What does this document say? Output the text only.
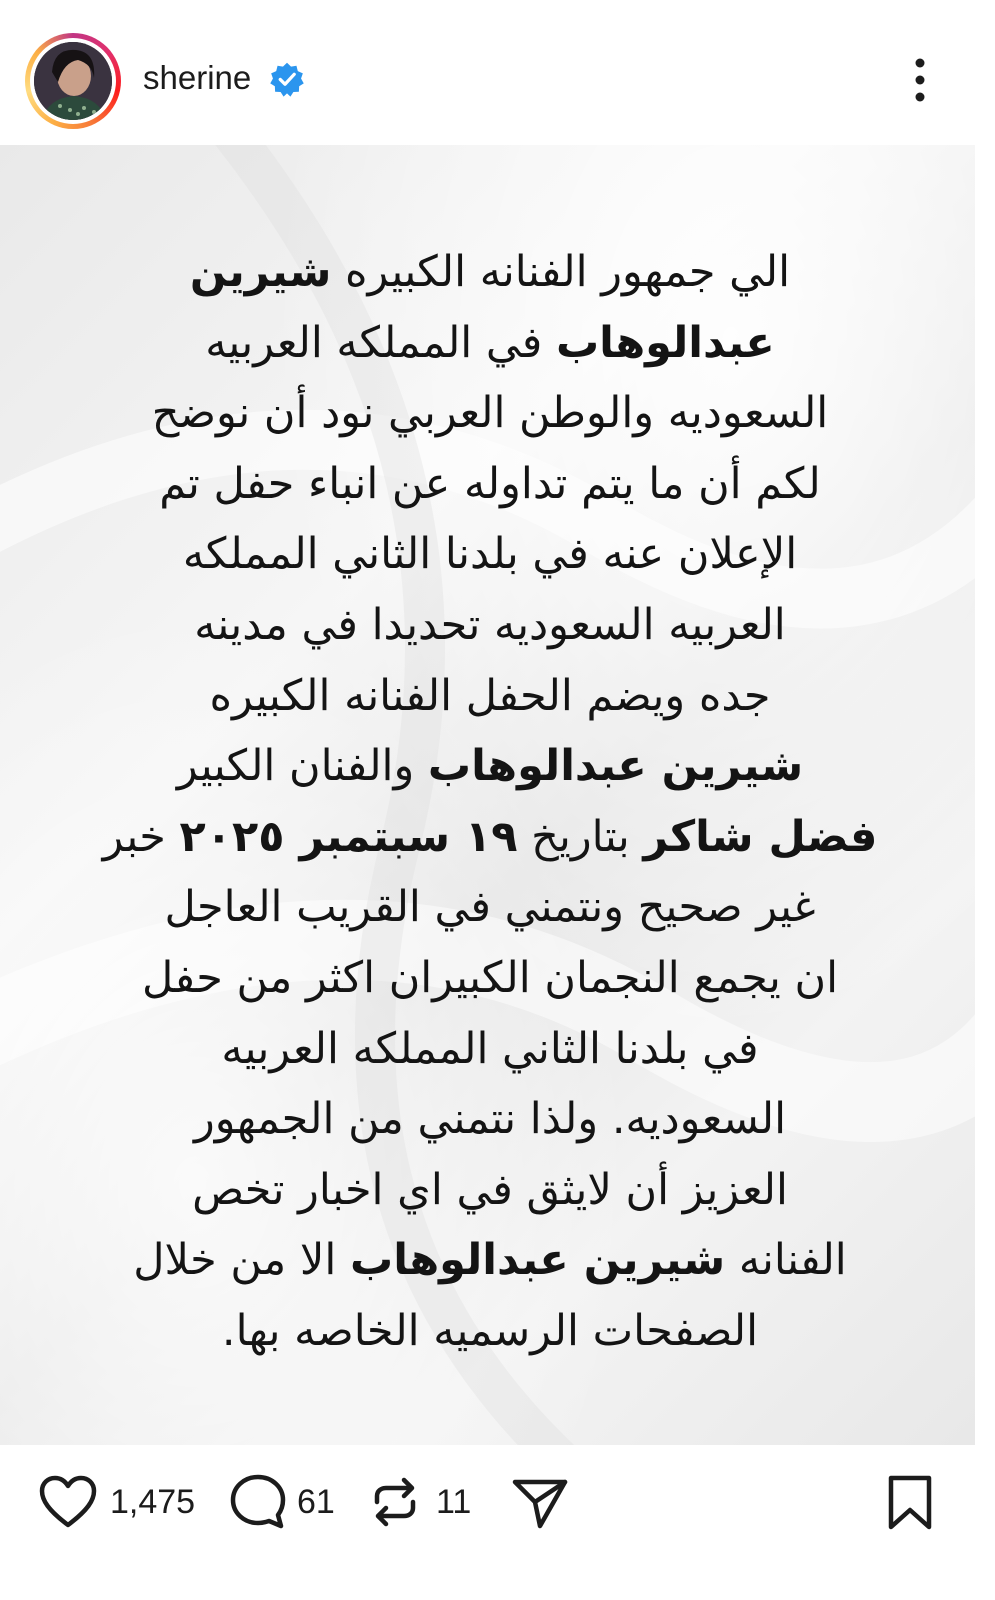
sherine
الي جمهور الفنانه الكبيره شيرين
عبدالوهاب في المملكه العربيه
السعوديه والوطن العربي نود أن نوضح
لكم أن ما يتم تداوله عن انباء حفل تم
الإعلان عنه في بلدنا الثاني المملكه
العربيه السعوديه تحديدا في مدينه
جده ويضم الحفل الفنانه الكبيره
شيرين عبدالوهاب والفنان الكبير
فضل شاكر بتاريخ ١٩ سبتمبر ٢٠٢٥ خبر
غير صحيح ونتمني في القريب العاجل
ان يجمع النجمان الكبيران اكثر من حفل
في بلدنا الثاني المملكه العربيه
السعوديه. ولذا نتمني من الجمهور
العزيز أن لايثق في اي اخبار تخص
الفنانه شيرين عبدالوهاب الا من خلال
الصفحات الرسميه الخاصه بها.
1,475	61	11
